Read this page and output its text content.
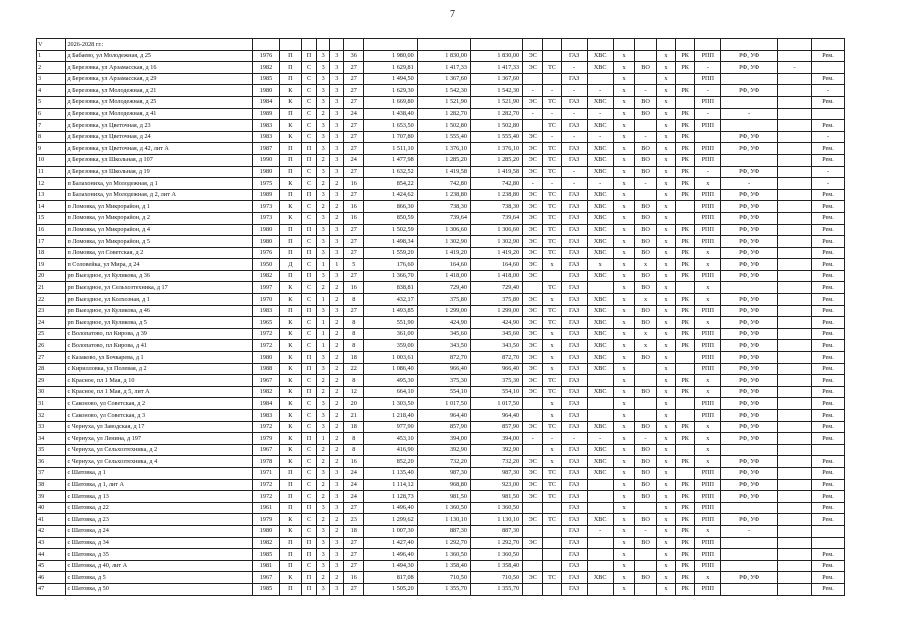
7
V	2026-2028 гг.:																					
1	д Бабаево, ул Молодежная, д 25	1976	П	П	3	3	36	1 980,00	1 830,00	1 830,00	ЭС		ГАЗ	ХВС	х		х	РК	РПП	РФ, УФ		Рем.
2	д Березовка, ул Арзамасская, д 16	1982	П	С	3	3	27	1 629,81	1 417,33	1 417,33	ЭС	ТС	-	ХВС	х	ВО	х	РК	-	РФ, УФ	-	
3	д Березовка, ул Арзамасская, д 29	1985	П	С	3	3	27	1 494,50	1 367,60	1 367,60			ГАЗ		х		х		РПП			Рем.
4	д Березовка, ул Молодежная, д 21	1980	К	С	3	3	27	1 629,30	1 542,30	1 542,30	-	-	-	-	х	-	х	РК	-	РФ, УФ		-
5	д Березовка, ул Молодежная, д 25	1984	К	С	3	3	27	1 669,80	1 521,90	1 521,90	ЭС	ТС	ГАЗ	ХВС	х	ВО	х		РПП			Рем.
6	д Березовка, ул Молодежная, д 41	1989	П	С	2	3	24	1 438,40	1 282,70	1 282,70	-	-	-	-	х	ВО	х	РК	-	-		
7	д Березовка, ул Цветочная, д 23	1983	К	С	3	3	27	1 653,50	1 502,80	1 502,80		ТС	ГАЗ	ХВС	х		х	РК	РПП			Рем.
8	д Березовка, ул Цветочная, д 24	1983	К	С	3	3	27	1 707,80	1 555,40	1 555,40	ЭС	-	-	-	х	-	х	РК		РФ, УФ		-
9	д Березовка, ул Цветочная, д 42, лит А	1987	П	П	3	3	27	1 511,10	1 376,10	1 376,10	ЭС	ТС	ГАЗ	ХВС	х	ВО	х	РК	РПП	РФ, УФ		Рем.
10	д Березовка, ул Школьная, д 107	1990	П	П	2	3	24	1 477,98	1 285,20	1 285,20	ЭС	ТС	ГАЗ	ХВС	х	ВО	х	РК	РПП			Рем.
11	д Березовка, ул Школьная, д 19	1980	П	С	3	3	27	1 632,52	1 419,58	1 419,58	ЭС	ТС	-	ХВС	х	ВО	х	РК	-	РФ, УФ		-
12	п Балахониха, ул Молодежная, д 1	1975	К	С	2	2	16	854,22	742,80	742,80	-	-	-	-	х	-	х	РК	х	-		-
13	п Балахониха, ул Молодежная, д 2, лит А	1989	П	П	3	3	27	1 424,62	1 238,80	1 238,80	ЭС	ТС	ГАЗ	ХВС	х		х	РК	РПП	РФ, УФ		Рем.
14	п Ломовка, ул Микрорайон, д 1	1973	К	С	2	2	16	866,30	738,30	738,30	ЭС	ТС	ГАЗ	ХВС	х	ВО	х		РПП	РФ, УФ		Рем.
15	п Ломовка, ул Микрорайон, д 2	1973	К	С	3	2	16	850,59	739,64	739,64	ЭС	ТС	ГАЗ	ХВС	х	ВО	х		РПП	РФ, УФ		Рем.
16	п Ломовка, ул Микрорайон, д 4	1980	П	П	3	3	27	1 502,59	1 306,60	1 306,60	ЭС	ТС	ГАЗ	ХВС	х	ВО	х	РК	РПП	РФ, УФ		Рем.
17	п Ломовка, ул Микрорайон, д 5	1980	П	С	3	3	27	1 498,34	1 302,90	1 302,90	ЭС	ТС	ГАЗ	ХВС	х	ВО	х	РК	РПП	РФ, УФ		Рем.
18	п Ломовка, ул Советская, д 2	1976	П	П	3	3	27	1 559,20	1 419,20	1 419,20	ЭС	ТС	ГАЗ	ХВС	х	ВО	х	РК	х	РФ, УФ		Рем.
19	п Соловейка, ул Мира, д 24	1950	Д	С	1	1	5	176,60	164,60	164,60	ЭС	х	ГАЗ	х	х	х	х	РК	х	РФ, УФ		Рем.
20	рп Выездное, ул Куликова, д 36	1982	П	П	3	3	27	1 366,70	1 418,00	1 418,00	ЭС		ГАЗ	ХВС	х	ВО	х	РК	РПП	РФ, УФ		Рем.
21	рп Выездное, ул Сельхозтехника, д 17	1997	К	С	2	2	16	838,81	729,40	729,40		ТС	ГАЗ		х	ВО	х		х			Рем.
22	рп Выездное, ул Колхозная, д 1	1970	К	С	1	2	8	432,17	375,80	375,80	ЭС	х	ГАЗ	ХВС	х	х	х	РК	х	РФ, УФ		Рем.
23	рп Выездное, ул Куликова, д 46	1983	П	П	3	3	27	1 493,85	1 299,00	1 299,00	ЭС	ТС	ГАЗ	ХВС	х	ВО	х	РК	РПП	РФ, УФ		Рем.
24	рп Выездное, ул Куликова, д 5	1965	К	С	1	2	8	551,90	424,90	424,90	ЭС	ТС	ГАЗ	ХВС	х	ВО	х	РК	х	РФ, УФ		Рем.
25	с Волопатово, пл Кирова, д 39	1972	К	С	1	2	8	361,00	345,60	345,60	ЭС	х	ГАЗ	ХВС	х	х	х	РК	РПП	РФ, УФ		Рем.
26	с Волопатово, пл Кирова, д 41	1972	К	С	1	2	8	359,00	343,50	343,50	ЭС	х	ГАЗ	ХВС	х	х	х	РК	РПП	РФ, УФ		Рем.
27	с Казаково, ул Бочкарева, д 1	1980	К	П	3	2	18	1 003,61	872,70	872,70	ЭС	х	ГАЗ	ХВС	х	ВО	х		РПП	РФ, УФ		Рем.
28	с Кирилловка, ул Полевая, д 2	1988	К	П	3	2	22	1 086,40	966,40	966,40	ЭС	х	ГАЗ	ХВС	х		х		РПП	РФ, УФ		Рем.
29	с Красное, пл 1 Мая, д 10	1967	К	С	2	2	8	495,30	375,30	375,30	ЭС	ТС	ГАЗ		х		х	РК	х	РФ, УФ		Рем.
30	с Красное, пл 1 Мая, д 5, лит А	1982	К	П	2	2	12	664,10	554,10	554,10	ЭС	ТС	ГАЗ	ХВС	х	ВО	х	РК	х	РФ, УФ		Рем.
31	с Саконово, ул Советская, д 2	1984	К	С	3	2	20	1 303,50	1 017,50	1 017,50		х	ГАЗ		х		х		РПП	РФ, УФ		Рем.
32	с Саконово, ул Советская, д 3	1983	К	С	3	2	21	1 218,40	964,40	964,40		х	ГАЗ		х		х		РПП	РФ, УФ		Рем.
33	с Чернуха, ул Заводская, д 17	1972	К	С	3	2	18	977,90	857,90	857,90	ЭС	ТС	ГАЗ	ХВС	х	ВО	х	РК	х	РФ, УФ		Рем.
34	с Чернуха, ул Ленина, д 197	1979	К	П	1	2	8	453,10	394,00	394,00	-	-	-	-	х	-	х	РК	х	РФ, УФ		Рем.
35	с Чернуха, ул Сельхозтехника, д 2	1967	К	С	2	2	8	416,90	392,90	392,90		х	ГАЗ	ХВС	х	ВО	х		х			
36	с Чернуха, ул Сельхозтехника, д 4	1978	К	С	2	2	16	852,20	732,20	732,20	ЭС	х	ГАЗ	ХВС	х	ВО	х	РК	х	РФ, УФ		Рем.
37	с Шатовка, д 1	1971	П	С	3	3	24	1 135,40	987,30	987,30	ЭС	ТС	ГАЗ	ХВС	х	ВО	х		РПП	РФ, УФ		Рем.
38	с Шатовка, д 1, лит А	1972	П	С	2	3	24	1 114,12	968,80	923,00	ЭС	ТС	ГАЗ		х	ВО	х	РК	РПП	РФ, УФ		Рем.
39	с Шатовка, д 13	1972	П	С	2	3	24	1 128,73	981,50	981,50	ЭС	ТС	ГАЗ		х	ВО	х	РК	РПП	РФ, УФ		Рем.
40	с Шатовка, д 22	1961	П	П	3	3	27	1 496,40	1 360,50	1 360,50			ГАЗ		х		х	РК	РПП			Рем.
41	с Шатовка, д 23	1979	К	С	2	2	23	1 299,62	1 130,10	1 130,10	ЭС	ТС	ГАЗ	ХВС	х	ВО	х	РК	РПП	РФ, УФ		Рем.
42	с Шатовка, д 24	1980	К	С	3	2	18	1 007,30	887,30	887,30			ГАЗ	-	х	-	х	РК	х	-		
43	с Шатовка, д 34	1982	П	П	3	3	27	1 427,40	1 292,70	1 292,70	ЭС		ГАЗ		х	ВО	х	РК	РПП			
44	с Шатовка, д 35	1985	П	П	3	3	27	1 496,40	1 360,50	1 360,50			ГАЗ		х		х	РК	РПП			Рем.
45	с Шатовка, д 40, лит А	1981	П	С	3	3	27	1 494,30	1 358,40	1 358,40			ГАЗ		х		х	РК	РПП			Рем.
46	с Шатовка, д 5	1967	К	П	2	2	16	817,08	710,50	710,50	ЭС	ТС	ГАЗ	ХВС	х	ВО	х	РК	х	РФ, УФ		Рем.
47	с Шатовка, д 50	1985	П	П	3	3	27	1 505,20	1 355,70	1 355,70			ГАЗ		х		х	РК	РПП			Рем.
